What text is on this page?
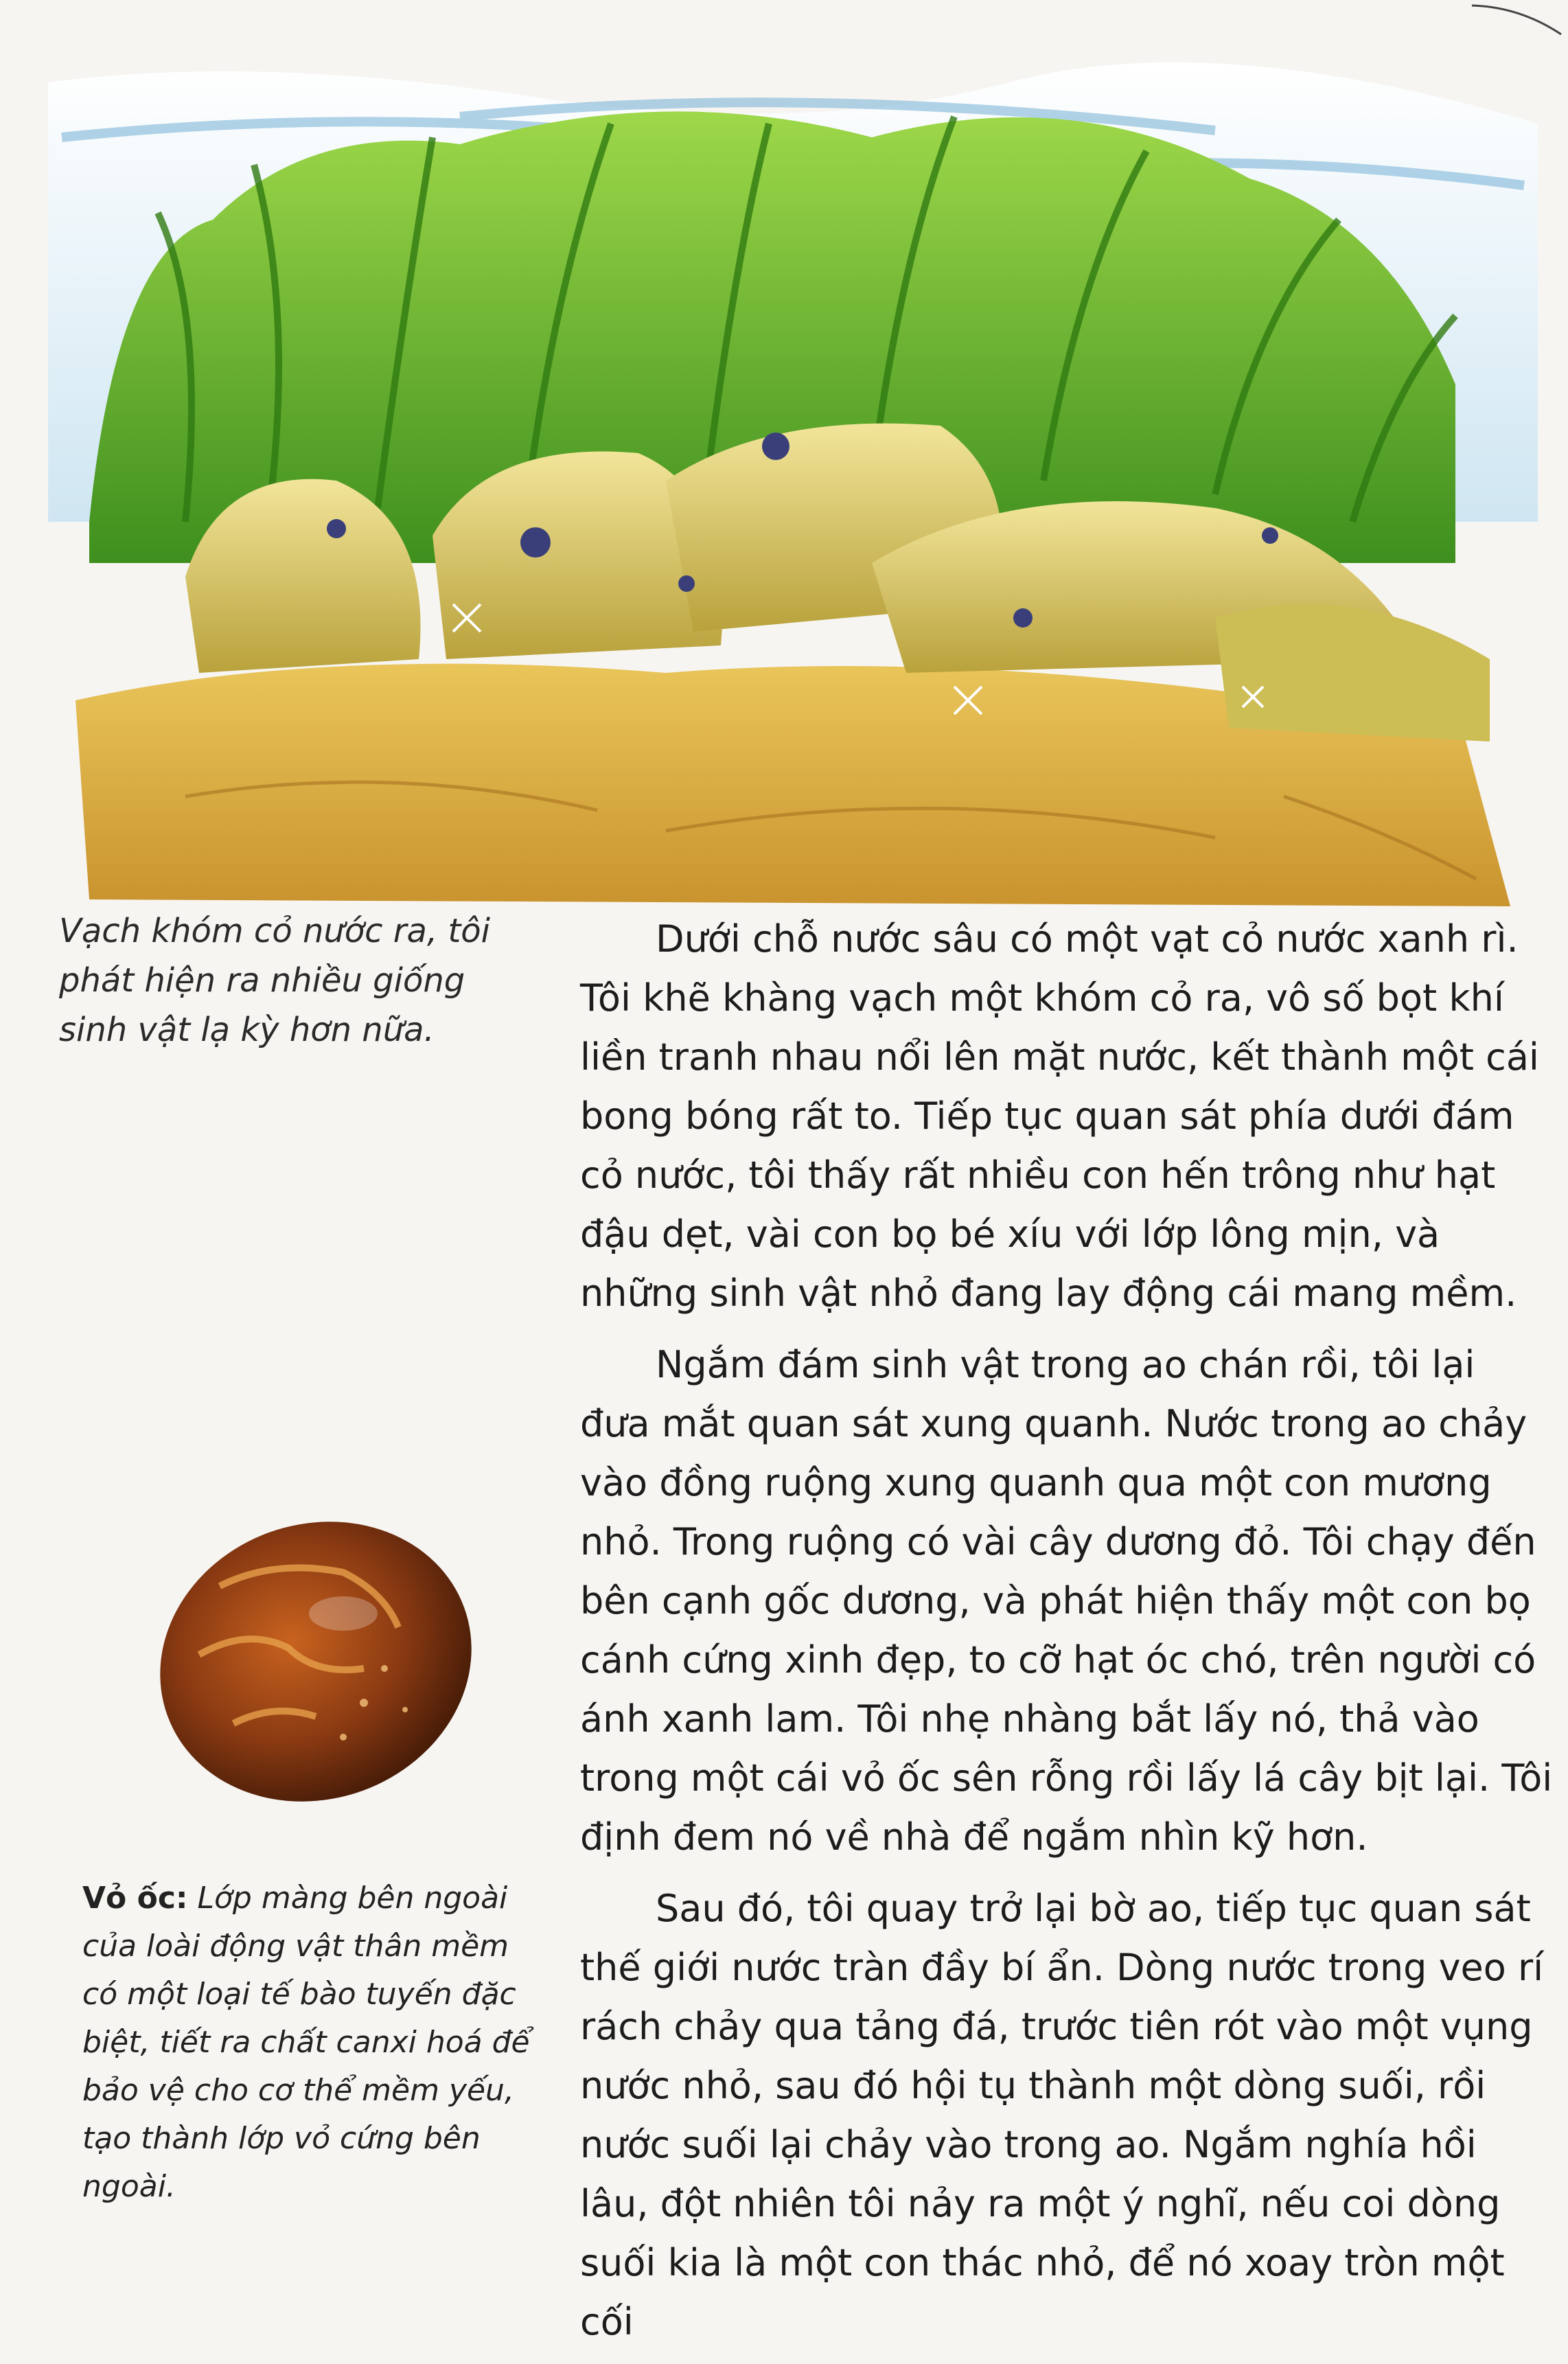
Vạch khóm cỏ nước ra, tôi phát hiện ra nhiều giống sinh vật lạ kỳ hơn nữa.
Vỏ ốc: Lớp màng bên ngoài của loài động vật thân mềm có một loại tế bào tuyến đặc biệt, tiết ra chất canxi hoá để bảo vệ cho cơ thể mềm yếu, tạo thành lớp vỏ cứng bên ngoài.

Dưới chỗ nước sâu có một vạt cỏ nước xanh rì. Tôi khẽ khàng vạch một khóm cỏ ra, vô số bọt khí liền tranh nhau nổi lên mặt nước, kết thành một cái bong bóng rất to. Tiếp tục quan sát phía dưới đám cỏ nước, tôi thấy rất nhiều con hến trông như hạt đậu dẹt, vài con bọ bé xíu với lớp lông mịn, và những sinh vật nhỏ đang lay động cái mang mềm.

Ngắm đám sinh vật trong ao chán rồi, tôi lại đưa mắt quan sát xung quanh. Nước trong ao chảy vào đồng ruộng xung quanh qua một con mương nhỏ. Trong ruộng có vài cây dương đỏ. Tôi chạy đến bên cạnh gốc dương, và phát hiện thấy một con bọ cánh cứng xinh đẹp, to cỡ hạt óc chó, trên người có ánh xanh lam. Tôi nhẹ nhàng bắt lấy nó, thả vào trong một cái vỏ ốc sên rỗng rồi lấy lá cây bịt lại. Tôi định đem nó về nhà để ngắm nhìn kỹ hơn.

Sau đó, tôi quay trở lại bờ ao, tiếp tục quan sát thế giới nước tràn đầy bí ẩn. Dòng nước trong veo rí rách chảy qua tảng đá, trước tiên rót vào một vụng nước nhỏ, sau đó hội tụ thành một dòng suối, rồi nước suối lại chảy vào trong ao. Ngắm nghía hồi lâu, đột nhiên tôi nảy ra một ý nghĩ, nếu coi dòng suối kia là một con thác nhỏ, để nó xoay tròn một cối
